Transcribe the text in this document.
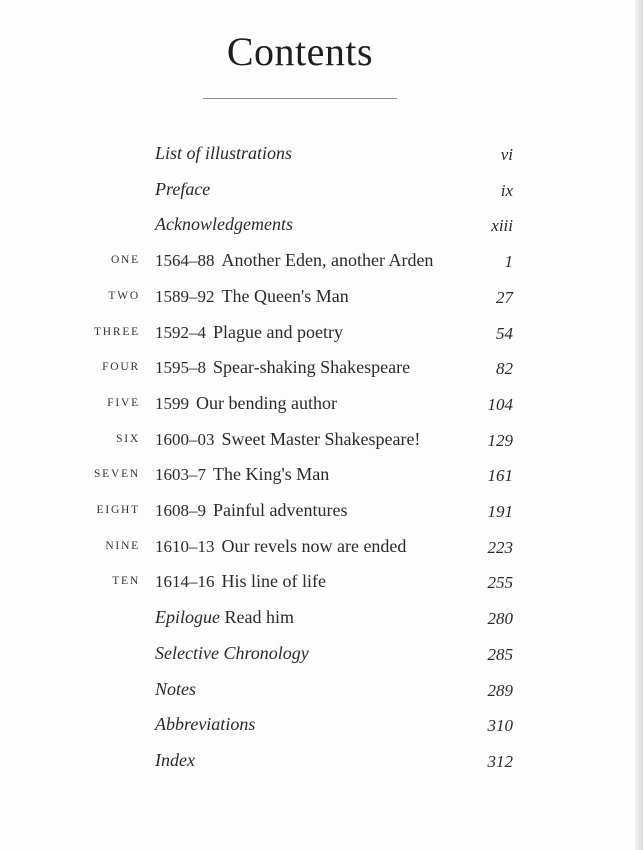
Contents
List of illustrations	vi
Preface	ix
Acknowledgements	xiii
ONE 1564–88 Another Eden, another Arden	1
TWO 1589–92 The Queen's Man	27
THREE 1592–4 Plague and poetry	54
FOUR 1595–8 Spear-shaking Shakespeare	82
FIVE 1599 Our bending author	104
SIX 1600–03 Sweet Master Shakespeare!	129
SEVEN 1603–7 The King's Man	161
EIGHT 1608–9 Painful adventures	191
NINE 1610–13 Our revels now are ended	223
TEN 1614–16 His line of life	255
Epilogue Read him	280
Selective Chronology	285
Notes	289
Abbreviations	310
Index	312
